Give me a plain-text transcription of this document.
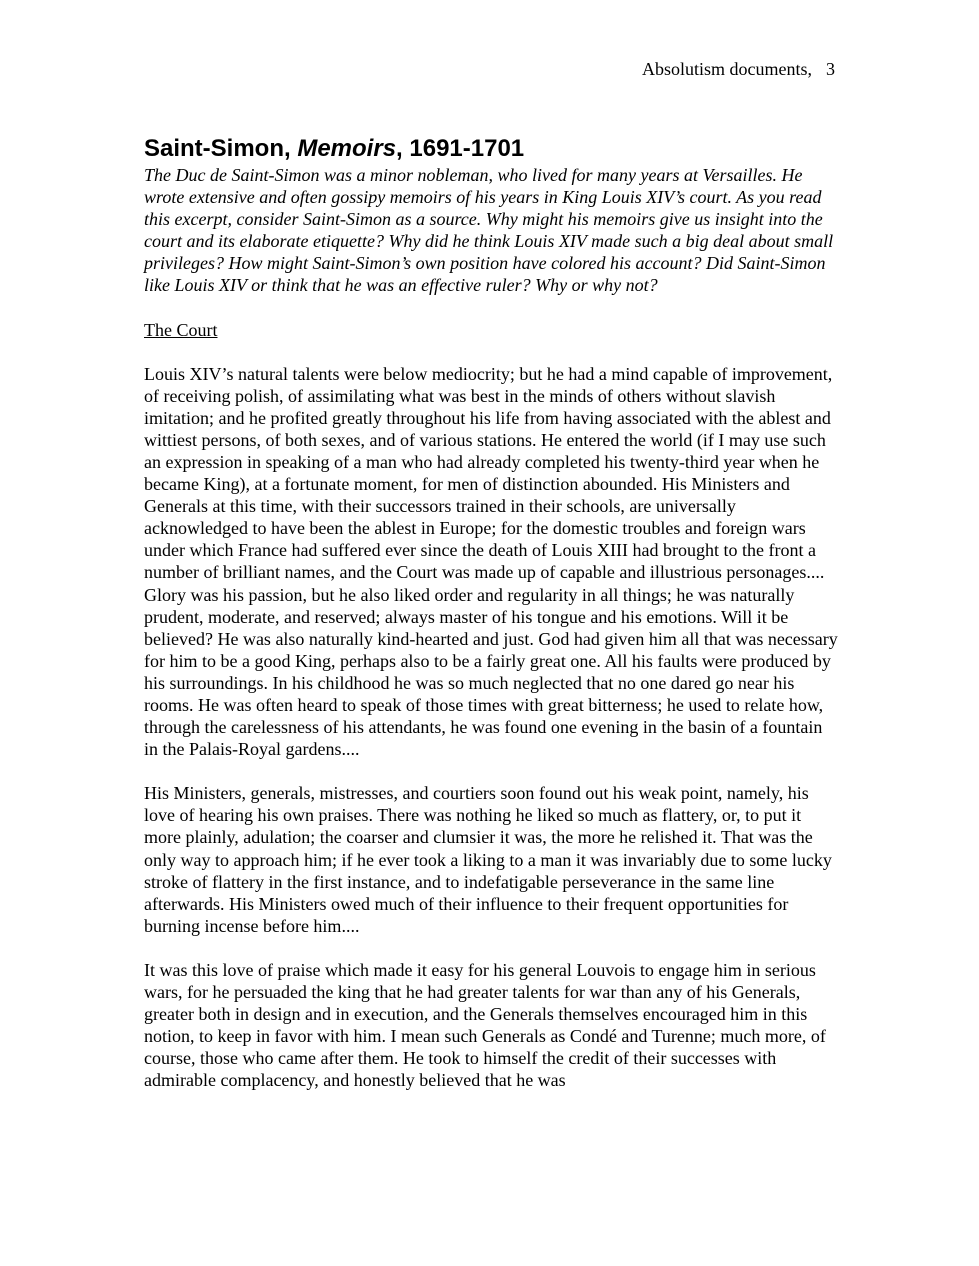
Absolutism documents, 3
Saint-Simon, Memoirs, 1691-1701

The Duc de Saint-Simon was a minor nobleman, who lived for many years at Versailles. He wrote extensive and often gossipy memoirs of his years in King Louis XIV’s court. As you read this excerpt, consider Saint-Simon as a source. Why might his memoirs give us insight into the court and its elaborate etiquette? Why did he think Louis XIV made such a big deal about small privileges? How might Saint-Simon’s own position have colored his account? Did Saint-Simon like Louis XIV or think that he was an effective ruler? Why or why not?

The Court

Louis XIV’s natural talents were below mediocrity; but he had a mind capable of improvement, of receiving polish, of assimilating what was best in the minds of others without slavish imitation; and he profited greatly throughout his life from having associated with the ablest and wittiest persons, of both sexes, and of various stations. He entered the world (if I may use such an expression in speaking of a man who had already completed his twenty-third year when he became King), at a fortunate moment, for men of distinction abounded. His Ministers and Generals at this time, with their successors trained in their schools, are universally acknowledged to have been the ablest in Europe; for the domestic troubles and foreign wars under which France had suffered ever since the death of Louis XIII had brought to the front a number of brilliant names, and the Court was made up of capable and illustrious personages.... Glory was his passion, but he also liked order and regularity in all things; he was naturally prudent, moderate, and reserved; always master of his tongue and his emotions. Will it be believed? He was also naturally kind-hearted and just. God had given him all that was necessary for him to be a good King, perhaps also to be a fairly great one. All his faults were produced by his surroundings. In his childhood he was so much neglected that no one dared go near his rooms. He was often heard to speak of those times with great bitterness; he used to relate how, through the carelessness of his attendants, he was found one evening in the basin of a fountain in the Palais-Royal gardens....

His Ministers, generals, mistresses, and courtiers soon found out his weak point, namely, his love of hearing his own praises. There was nothing he liked so much as flattery, or, to put it more plainly, adulation; the coarser and clumsier it was, the more he relished it. That was the only way to approach him; if he ever took a liking to a man it was invariably due to some lucky stroke of flattery in the first instance, and to indefatigable perseverance in the same line afterwards. His Ministers owed much of their influence to their frequent opportunities for burning incense before him....

It was this love of praise which made it easy for his general Louvois to engage him in serious wars, for he persuaded the king that he had greater talents for war than any of his Generals, greater both in design and in execution, and the Generals themselves encouraged him in this notion, to keep in favor with him. I mean such Generals as Condé and Turenne; much more, of course, those who came after them. He took to himself the credit of their successes with admirable complacency, and honestly believed that he was
